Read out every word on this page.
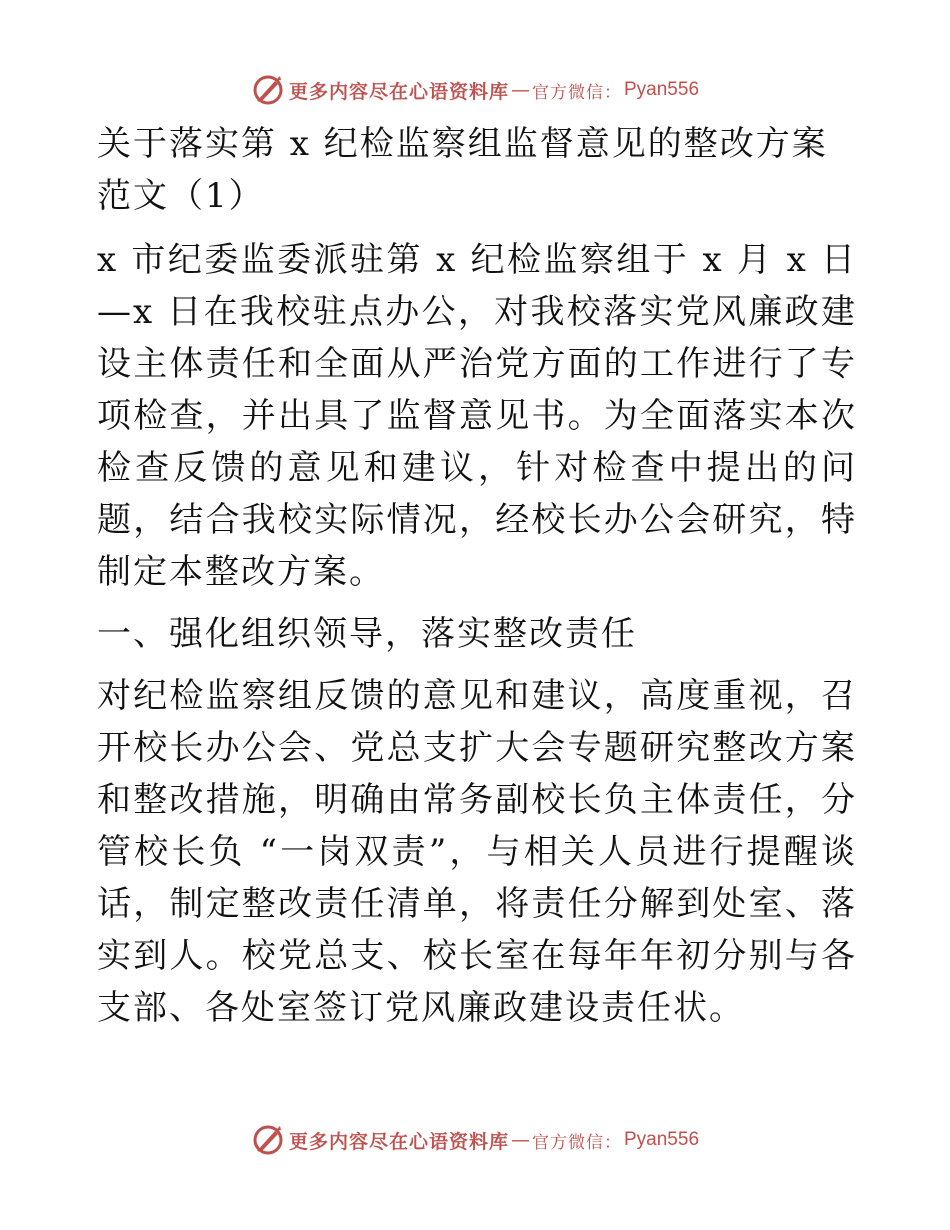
更多内容尽在心语资料库 — 官方微信： Pyan556

关于落实第 x 纪检监察组监督意见的整改方案范文（1）

x 市纪委监委派驻第 x 纪检监察组于 x 月 x 日—x 日在我校驻点办公，对我校落实党风廉政建设主体责任和全面从严治党方面的工作进行了专项检查，并出具了监督意见书。为全面落实本次检查反馈的意见和建议，针对检查中提出的问题，结合我校实际情况，经校长办公会研究，特制定本整改方案。

一、强化组织领导，落实整改责任

对纪检监察组反馈的意见和建议，高度重视，召开校长办公会、党总支扩大会专题研究整改方案和整改措施，明确由常务副校长负主体责任，分管校长负 “一岗双责”，与相关人员进行提醒谈话，制定整改责任清单，将责任分解到处室、落实到人。校党总支、校长室在每年年初分别与各支部、各处室签订党风廉政建设责任状。

更多内容尽在心语资料库 — 官方微信： Pyan556
